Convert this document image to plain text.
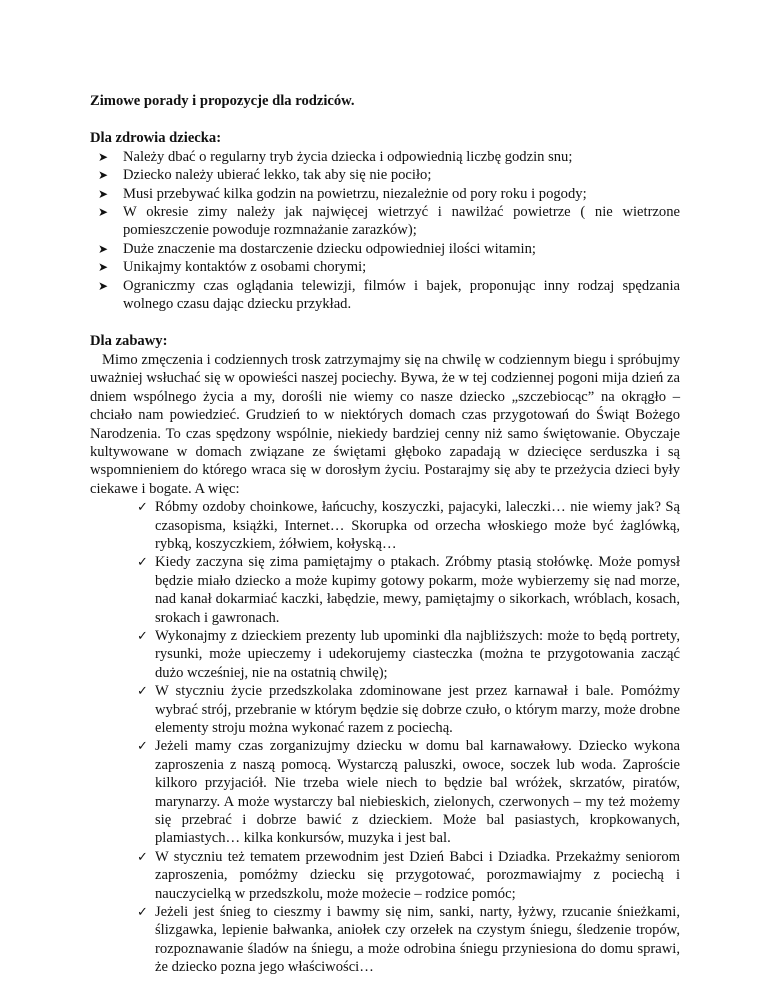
Zimowe porady i propozycje dla rodziców.

Dla zdrowia dziecka:

➤ Należy dbać o regularny tryb życia dziecka i odpowiednią liczbę godzin snu;
➤ Dziecko należy ubierać lekko, tak aby się nie pociło;
➤ Musi przebywać kilka godzin na powietrzu, niezależnie od pory roku i pogody;
➤ W okresie zimy należy jak najwięcej wietrzyć i nawilżać powietrze ( nie wietrzone pomieszczenie powoduje rozmnażanie zarazków);
➤ Duże znaczenie ma dostarczenie dziecku odpowiedniej ilości witamin;
➤ Unikajmy kontaktów z osobami chorymi;
➤ Ograniczmy czas oglądania telewizji, filmów i bajek, proponując inny rodzaj spędzania wolnego czasu dając dziecku przykład.

Dla zabawy:

Mimo zmęczenia i codziennych trosk zatrzymajmy się na chwilę w codziennym biegu i spróbujmy uważniej wsłuchać się w opowieści naszej pociechy. Bywa, że w tej codziennej pogoni mija dzień za dniem wspólnego życia a my, dorośli nie wiemy co nasze dziecko „szczebiocąc” na okrągło – chciało nam powiedzieć. Grudzień to w niektórych domach czas przygotowań do Świąt Bożego Narodzenia. To czas spędzony wspólnie, niekiedy bardziej cenny niż samo świętowanie. Obyczaje kultywowane w domach związane ze świętami głęboko zapadają w dziecięce serduszka i są wspomnieniem do którego wraca się w dorosłym życiu. Postarajmy się aby te przeżycia dzieci były ciekawe i bogate. A więc:

✓ Róbmy ozdoby choinkowe, łańcuchy, koszyczki, pajacyki, laleczki… nie wiemy jak? Są czasopisma, książki, Internet… Skorupka od orzecha włoskiego może być żaglówką, rybką, koszyczkiem, żółwiem, kołyską…
✓ Kiedy zaczyna się zima pamiętajmy o ptakach. Zróbmy ptasią stołówkę. Może pomysł będzie miało dziecko a może kupimy gotowy pokarm, może wybierzemy się nad morze, nad kanał dokarmiać kaczki, łabędzie, mewy, pamiętajmy o sikorkach, wróblach, kosach, srokach i gawronach.
✓ Wykonajmy z dzieckiem prezenty lub upominki dla najbliższych: może to będą portrety, rysunki, może upieczemy i udekorujemy ciasteczka (można te przygotowania zacząć dużo wcześniej, nie na ostatnią chwilę);
✓ W styczniu życie przedszkolaka zdominowane jest przez karnawał i bale. Pomóżmy wybrać strój, przebranie w którym będzie się dobrze czuło, o którym marzy, może drobne elementy stroju można wykonać razem z pociechą.
✓ Jeżeli mamy czas zorganizujmy dziecku w domu bal karnawałowy. Dziecko wykona zaproszenia z naszą pomocą. Wystarczą paluszki, owoce, soczek lub woda. Zaproście kilkoro przyjaciół. Nie trzeba wiele niech to będzie bal wróżek, skrzatów, piratów, marynarzy. A może wystarczy bal niebieskich, zielonych, czerwonych – my też możemy się przebrać i dobrze bawić z dzieckiem. Może bal pasiastych, kropkowanych, plamiastych… kilka konkursów, muzyka i jest bal.
✓ W styczniu też tematem przewodnim jest Dzień Babci i Dziadka. Przekażmy seniorom zaproszenia, pomóżmy dziecku się przygotować, porozmawiajmy z pociechą i nauczycielką w przedszkolu, może możecie – rodzice pomóc;
✓ Jeżeli jest śnieg to cieszmy i bawmy się nim, sanki, narty, łyżwy, rzucanie śnieżkami, ślizgawka, lepienie bałwanka, aniołek czy orzełek na czystym śniegu, śledzenie tropów, rozpoznawanie śladów na śniegu, a może odrobina śniegu przyniesiona do domu sprawi, że dziecko pozna jego właściwości…
